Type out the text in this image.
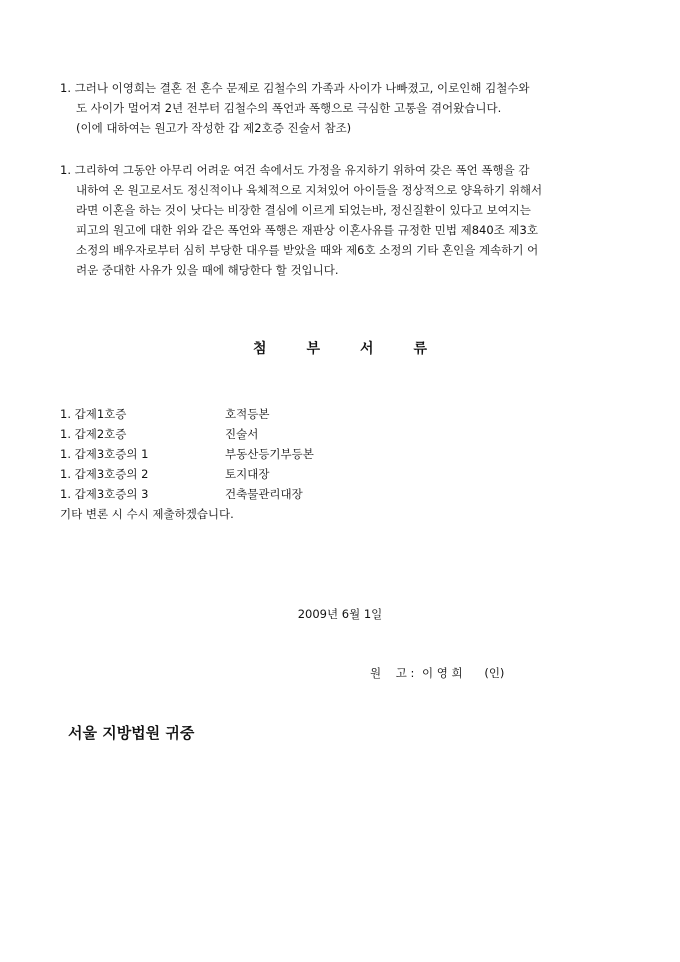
1. 그러나 이영희는 결혼 전 혼수 문제로 김철수의 가족과 사이가 나빠졌고, 이로인해 김철수와
도 사이가 멀어져 2년 전부터 김철수의 폭언과 폭행으로 극심한 고통을 겪어왔습니다.
(이에 대하여는 원고가 작성한 갑 제2호증 진술서 참조)
1. 그리하여 그동안 아무리 어려운 여건 속에서도 가정을 유지하기 위하여 갖은 폭언 폭행을 감
내하여 온 원고로서도 정신적이나 육체적으로 지쳐있어 아이들을 정상적으로 양육하기 위해서
라면 이혼을 하는 것이 낫다는 비장한 결심에 이르게 되었는바, 정신질환이 있다고 보여지는
피고의 원고에 대한 위와 같은 폭언와 폭행은 재판상 이혼사유를 규정한 민법 제840조 제3호
소정의 배우자로부터 심히 부당한 대우를 받았을 때와 제6호 소정의 기타 혼인을 계속하기 어
려운 중대한 사유가 있을 때에 해당한다 할 것입니다.
첨	부	서	류
1. 갑제1호증	호적등본
1. 갑제2호증	진술서
1. 갑제3호증의 1	부동산등기부등본
1. 갑제3호증의 2	토지대장
1. 갑제3호증의 3	건축물관리대장
기타 변론 시 수시 제출하겠습니다.
2009년 6월 1일
원    고 : 이 영 희 (인)
서울 지방법원 귀중
